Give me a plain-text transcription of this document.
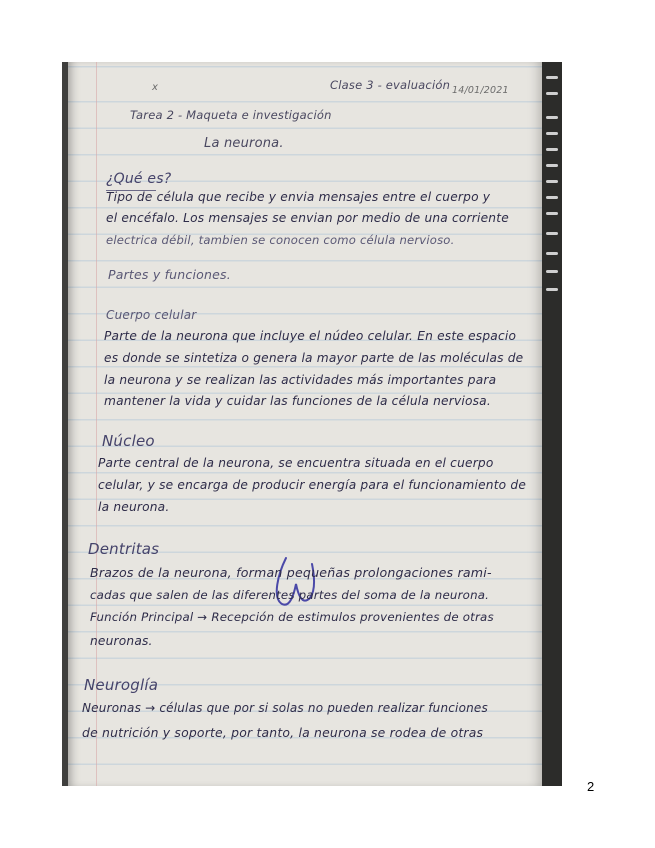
x	Clase 3 - evaluación 14/01/2021
Tarea 2 - Maqueta e investigación
La neurona.
¿Qué es?
Tipo de célula que recibe y envia mensajes entre el cuerpo y
el encéfalo. Los mensajes se envian por medio de una corriente
electrica débil, tambien se conocen como célula nervioso.
Partes y funciones.
Cuerpo celular
Parte de la neurona que incluye el núdeo celular. En este espacio
es donde se sintetiza o genera la mayor parte de las moléculas de
la neurona y se realizan las actividades más importantes para
mantener la vida y cuidar las funciones de la célula nerviosa.
Núcleo
Parte central de la neurona, se encuentra situada en el cuerpo
celular, y se encarga de producir energía para el funcionamiento de
la neurona.
Dentritas
Brazos de la neurona, forman pequeñas prolongaciones rami-
cadas que salen de las diferentes partes del soma de la neurona.
Función Principal → Recepción de estimulos provenientes de otras
neuronas.
Neuroglía
Neuronas → células que por si solas no pueden realizar funciones
de nutrición y soporte, por tanto, la neurona se rodea de otras
2
